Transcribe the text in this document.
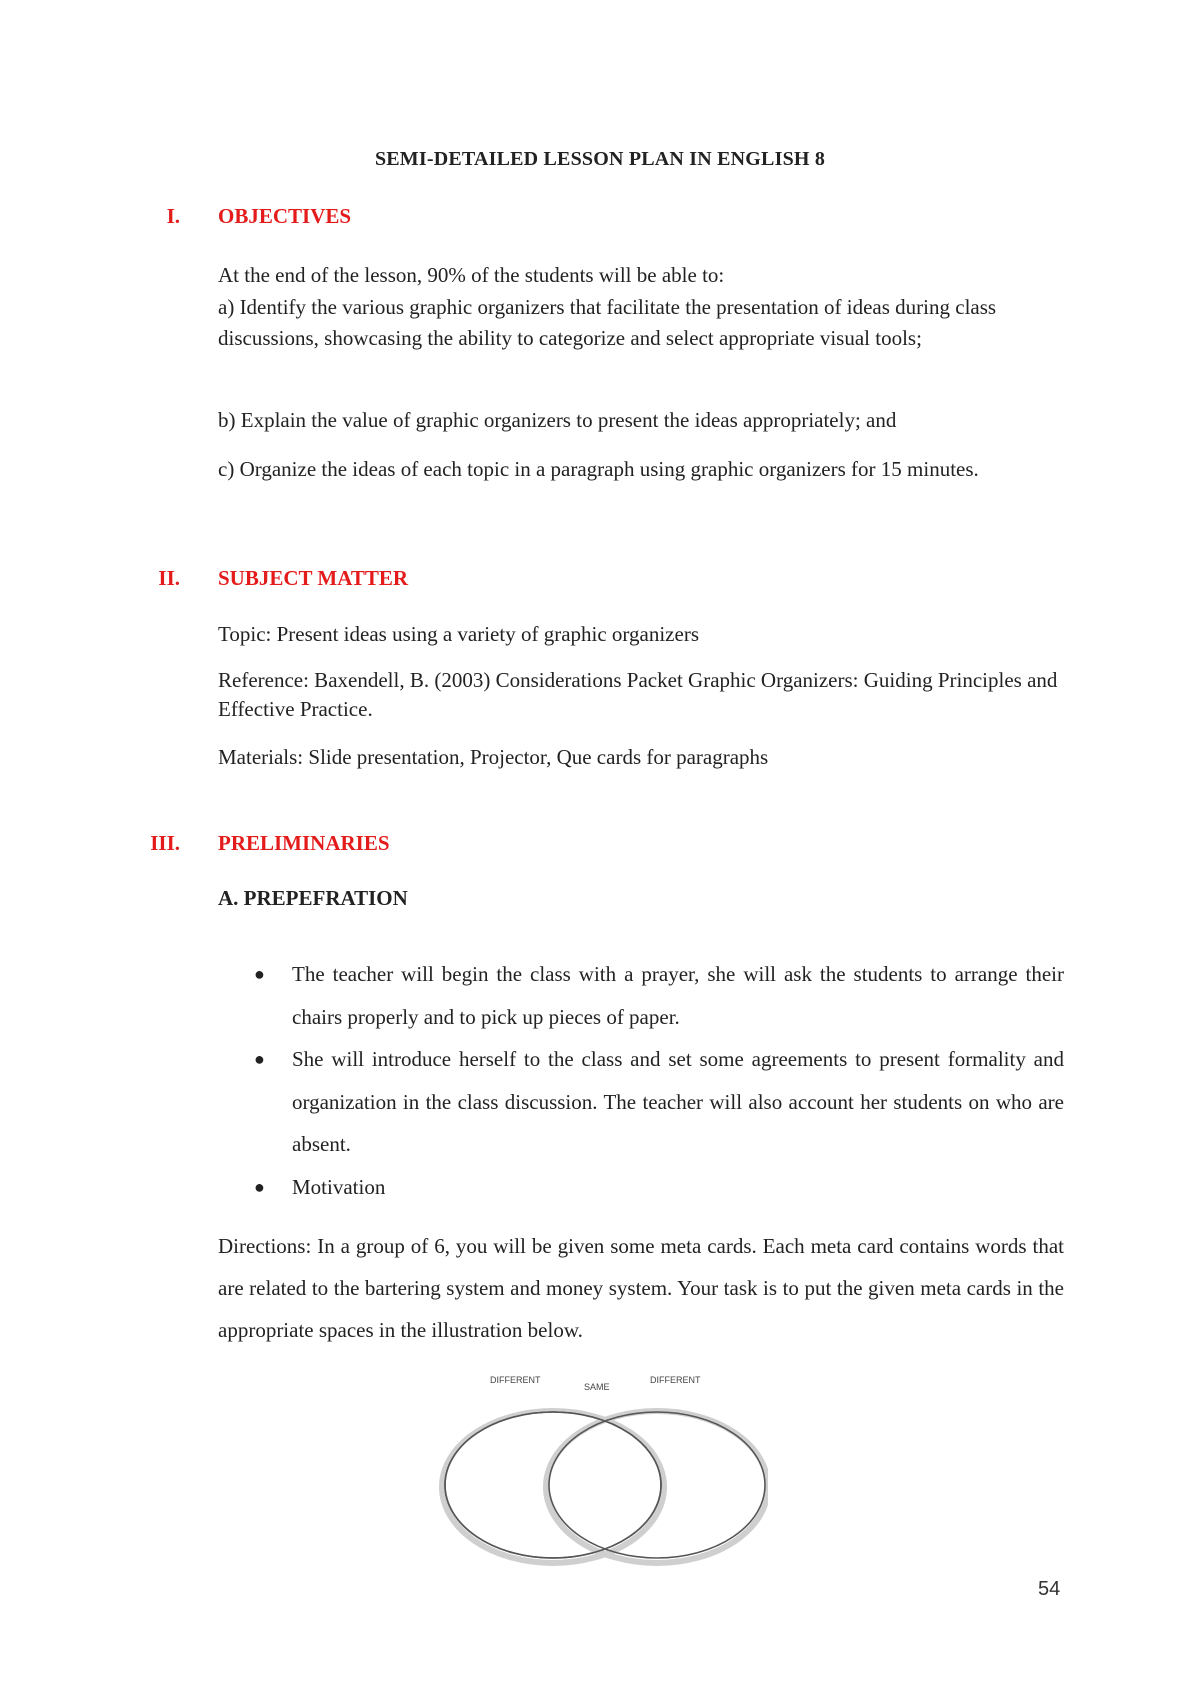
SEMI-DETAILED LESSON PLAN IN ENGLISH 8
I. OBJECTIVES

At the end of the lesson, 90% of the students will be able to:

a) Identify the various graphic organizers that facilitate the presentation of ideas during class discussions, showcasing the ability to categorize and select appropriate visual tools;

b) Explain the value of graphic organizers to present the ideas appropriately; and

c) Organize the ideas of each topic in a paragraph using graphic organizers for 15 minutes.

II. SUBJECT MATTER

Topic: Present ideas using a variety of graphic organizers

Reference: Baxendell, B. (2003) Considerations Packet Graphic Organizers: Guiding Principles and Effective Practice.

Materials: Slide presentation, Projector, Que cards for paragraphs

III. PRELIMINARIES
A. PREPEFRATION
● The teacher will begin the class with a prayer, she will ask the students to arrange their chairs properly and to pick up pieces of paper.
● She will introduce herself to the class and set some agreements to present formality and organization in the class discussion. The teacher will also account her students on who are absent.
● Motivation

Directions: In a group of 6, you will be given some meta cards. Each meta card contains words that are related to the bartering system and money system. Your task is to put the given meta cards in the appropriate spaces in the illustration below.

DIFFERENT
SAME
DIFFERENT
54
